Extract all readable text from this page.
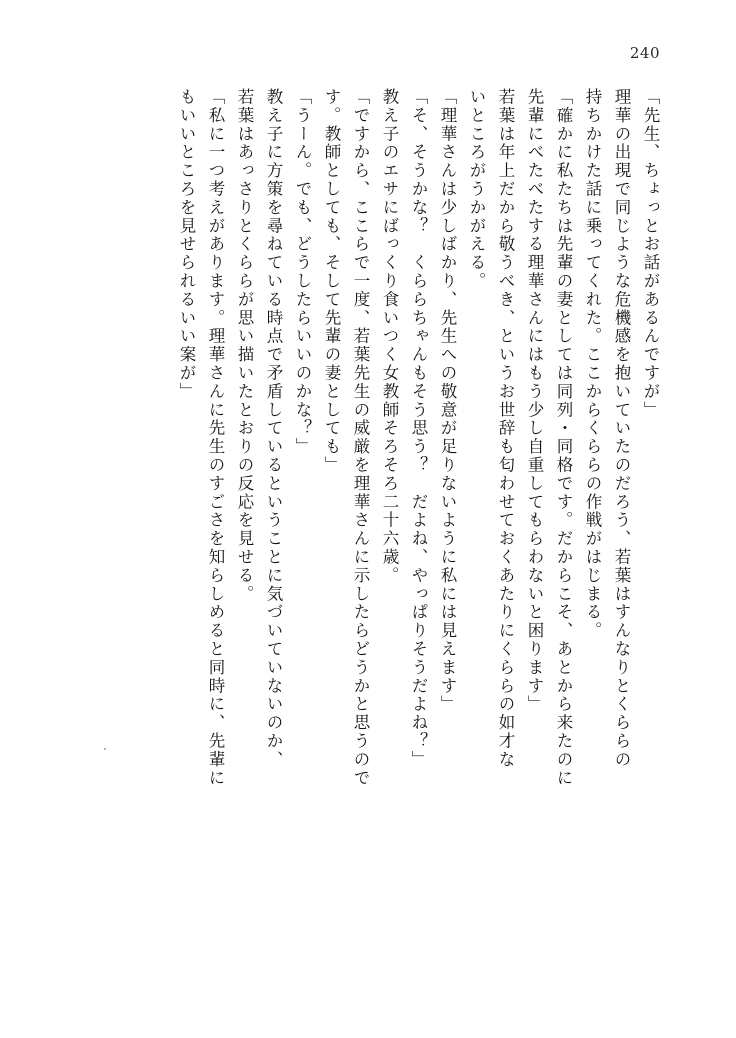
240
「先生、ちょっとお話があるんですが」
理華の出現で同じような危機感を抱いていたのだろう、若葉はすんなりとくららの
持ちかけた話に乗ってくれた。ここからくららの作戦がはじまる。
「確かに私たちは先輩の妻としては同列・同格です。だからこそ、あとから来たのに
先輩にべたべたする理華さんにはもう少し自重してもらわないと困ります」
若葉は年上だから敬うべき、というお世辞も匂わせておくあたりにくららの如才な
いところがうかがえる。
「理華さんは少しばかり、先生への敬意が足りないように私には見えます」
「そ、そうかな？　くららちゃんもそう思う？　だよね、やっぱりそうだよね？」
教え子のエサにばっくり食いつく女教師そろそろ二十六歳。
「ですから、ここらで一度、若葉先生の威厳を理華さんに示したらどうかと思うので
す。教師としても、そして先輩の妻としても」
「うーん。でも、どうしたらいいのかな？」
教え子に方策を尋ねている時点で矛盾しているということに気づいていないのか、
若葉はあっさりとくららが思い描いたとおりの反応を見せる。
「私に一つ考えがあります。理華さんに先生のすごさを知らしめると同時に、先輩に
もいいところを見せられるいい案が」
